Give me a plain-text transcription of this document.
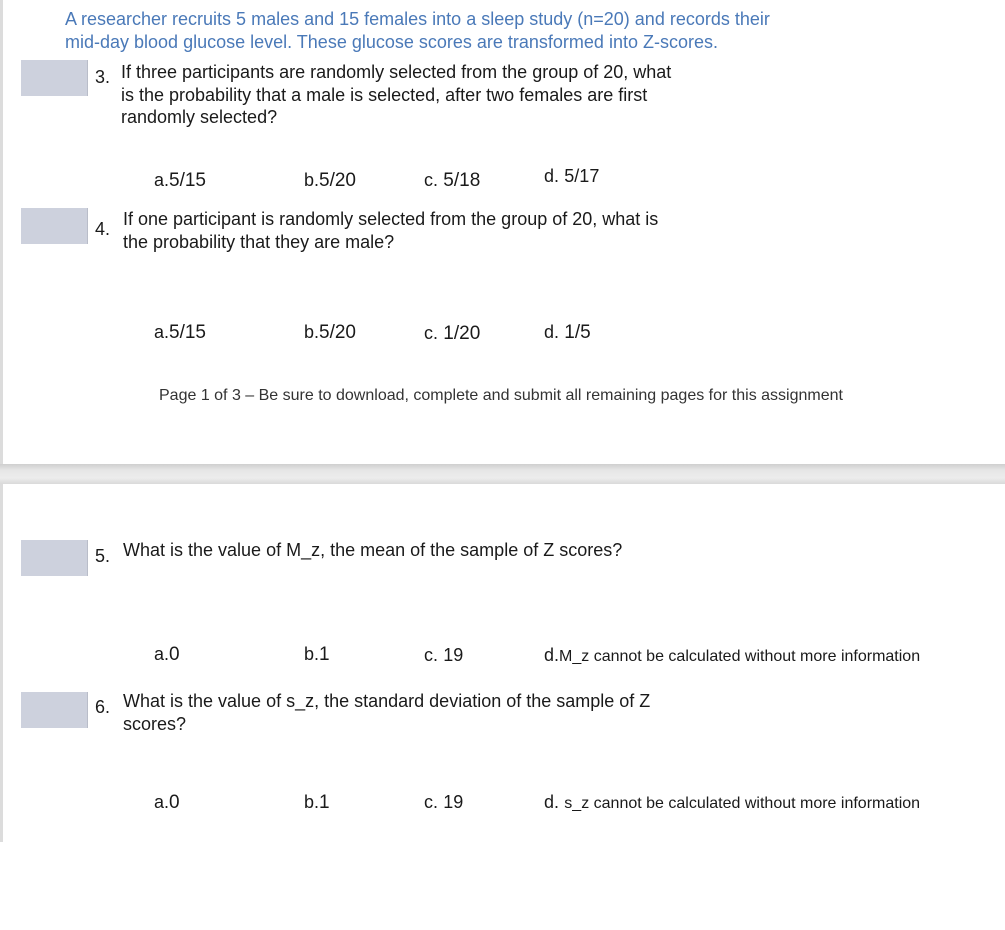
A researcher recruits 5 males and 15 females into a sleep study (n=20) and records their
mid-day blood glucose level. These glucose scores are transformed into Z-scores.
3. If three participants are randomly selected from the group of 20, what
is the probability that a male is selected, after two females are first
randomly selected?
a.5/15	b.5/20	c. 5/18	d. 5/17
4. If one participant is randomly selected from the group of 20, what is
the probability that they are male?
a.5/15	b.5/20	c. 1/20	d. 1/5
Page 1 of 3 – Be sure to download, complete and submit all remaining pages for this assignment
5. What is the value of M_z, the mean of the sample of Z scores?
a.0	b.1	c. 19	d.M_z cannot be calculated without more information
6. What is the value of s_z, the standard deviation of the sample of Z
scores?
a.0	b.1	c. 19	d. s_z cannot be calculated without more information
